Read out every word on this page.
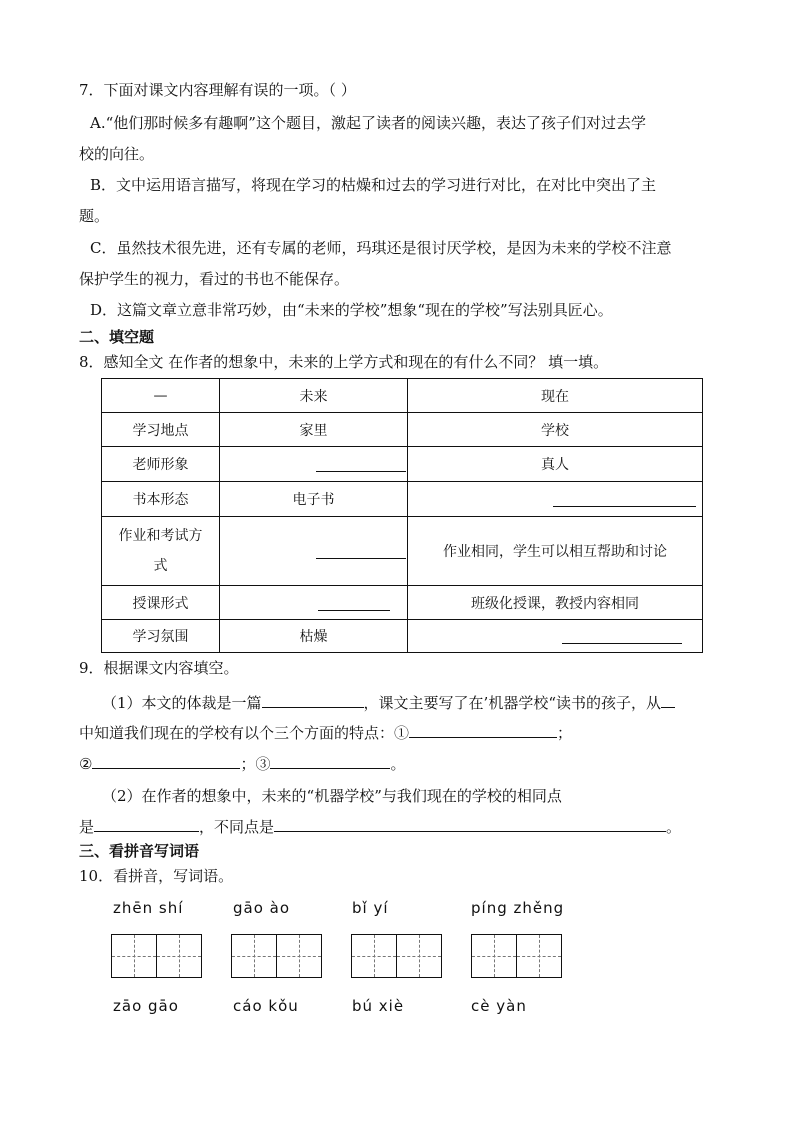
7．下面对课文内容理解有误的一项。（ ）
A.“他们那时候多有趣啊”这个题目，激起了读者的阅读兴趣，表达了孩子们对过去学
校的向往。
B．文中运用语言描写，将现在学习的枯燥和过去的学习进行对比，在对比中突出了主
题。
C．虽然技术很先进，还有专属的老师，玛琪还是很讨厌学校，是因为未来的学校不注意
保护学生的视力，看过的书也不能保存。
D．这篇文章立意非常巧妙，由“未来的学校”想象“现在的学校”写法别具匠心。
二、填空题
8．感知全文 在作者的想象中，未来的上学方式和现在的有什么不同？ 填一填。
—	未来	现在
学习地点	家里	学校
老师形象		真人
书本形态	电子书	
作业和考试方
式		作业相同，学生可以相互帮助和讨论
授课形式		班级化授课，教授内容相同
学习氛围	枯燥	
9．根据课文内容填空。
（1）本文的体裁是一篇	，课文主要写了在’机器学校“读书的孩子，从
中知道我们现在的学校有以个三个方面的特点：①	；
②	；③	。
（2）在作者的想象中，未来的“机器学校”与我们现在的学校的相同点
是	，不同点是	。
三、看拼音写词语
10．看拼音，写词语。
zhēn shí	gāo ào	bǐ yí	píng zhěng
zāo gāo	cáo kǒu	bú xiè	cè yàn
